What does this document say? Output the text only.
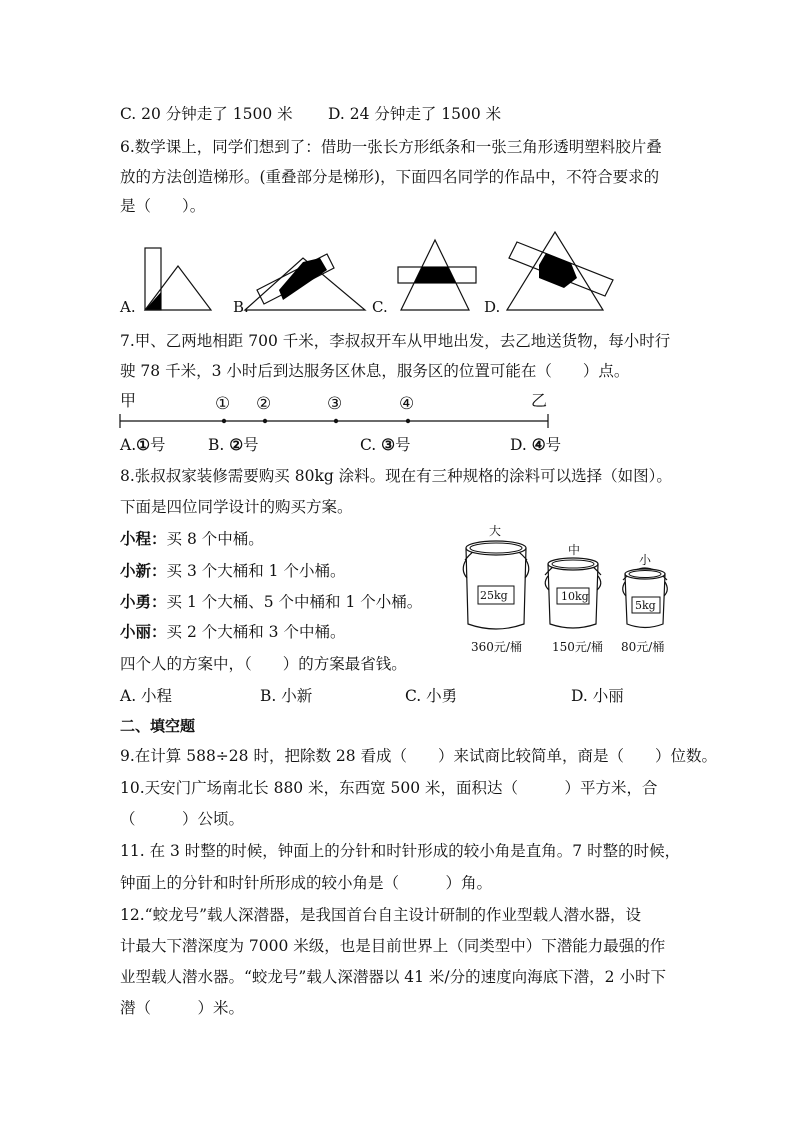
C. 20 分钟走了 1500 米 D. 24 分钟走了 1500 米
6.数学课上，同学们想到了：借助一张长方形纸条和一张三角形透明塑料胶片叠
放的方法创造梯形。(重叠部分是梯形)，下面四名同学的作品中，不符合要求的
是（　　）。
A.	B.	C.	D.
7.甲、乙两地相距 700 千米，李叔叔开车从甲地出发，去乙地送货物，每小时行
驶 78 千米，3 小时后到达服务区休息，服务区的位置可能在（　　）点。
甲	乙
① ②	③	④
A.①号	B. ②号	C. ③号	D. ④号
8.张叔叔家装修需要购买 80kg 涂料。现在有三种规格的涂料可以选择（如图）。
下面是四位同学设计的购买方案。
小程：买 8 个中桶。
小新：买 3 个大桶和 1 个小桶。
小勇：买 1 个大桶、5 个中桶和 1 个小桶。
小丽：买 2 个大桶和 3 个中桶。
四个人的方案中，（　　）的方案最省钱。
大
中
小
25kg	10kg
5kg
360元/桶	150元/桶 80元/桶
A. 小程	B. 小新	C. 小勇	D. 小丽
二、填空题
9.在计算 588÷28 时，把除数 28 看成（　　）来试商比较简单，商是（　　）位数。
10.天安门广场南北长 880 米，东西宽 500 米，面积达（　　　）平方米，合
（　　　）公顷。
11. 在 3 时整的时候，钟面上的分针和时针形成的较小角是直角。7 时整的时候，
钟面上的分针和时针所形成的较小角是（　　　）角。
12.“蛟龙号”载人深潜器，是我国首台自主设计研制的作业型载人潜水器，设
计最大下潜深度为 7000 米级，也是目前世界上（同类型中）下潜能力最强的作
业型载人潜水器。“蛟龙号”载人深潜器以 41 米/分的速度向海底下潜，2 小时下
潜（　　　）米。
